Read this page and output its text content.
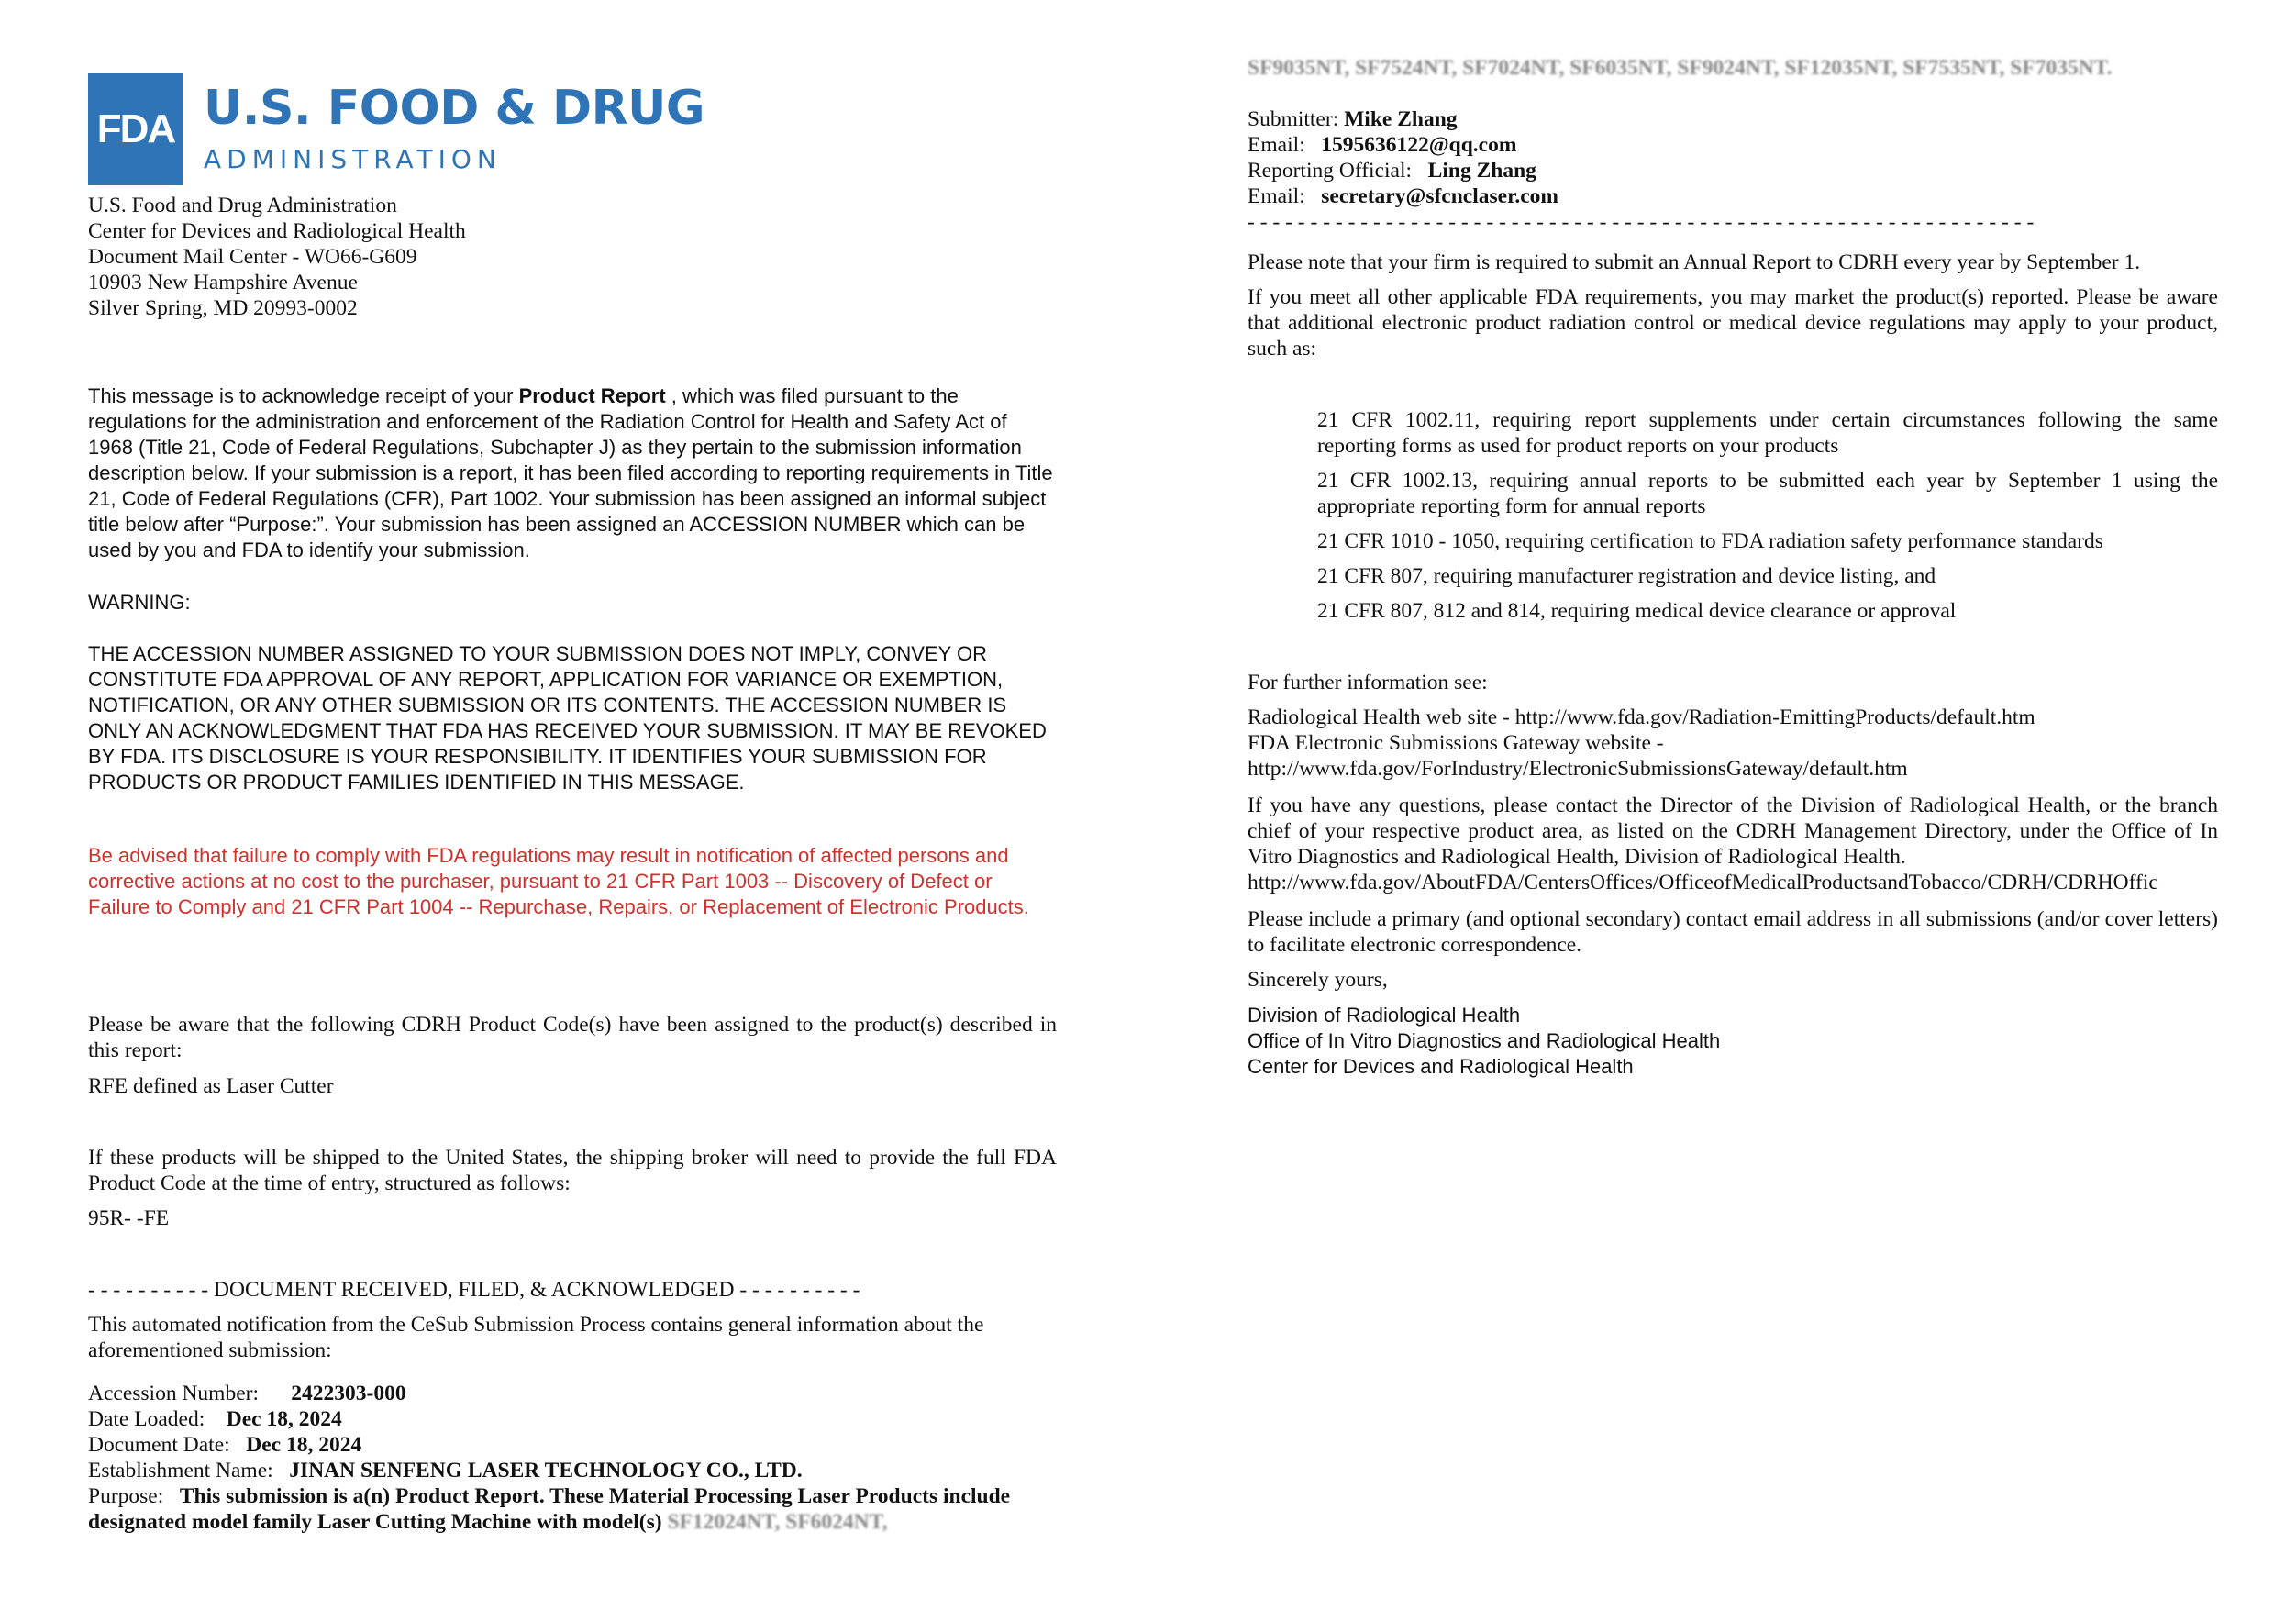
FDA U.S. FOOD & DRUG
ADMINISTRATION

U.S. Food and Drug Administration

Center for Devices and Radiological Health

Document Mail Center - WO66-G609

10903 New Hampshire Avenue

Silver Spring, MD 20993-0002

This message is to acknowledge receipt of your Product Report , which was filed pursuant to the regulations for the administration and enforcement of the Radiation Control for Health and Safety Act of 1968 (Title 21, Code of Federal Regulations, Subchapter J) as they pertain to the submission information description below. If your submission is a report, it has been filed according to reporting requirements in Title 21, Code of Federal Regulations (CFR), Part 1002. Your submission has been assigned an informal subject title below after “Purpose:”. Your submission has been assigned an ACCESSION NUMBER which can be used by you and FDA to identify your submission.

WARNING:

THE ACCESSION NUMBER ASSIGNED TO YOUR SUBMISSION DOES NOT IMPLY, CONVEY OR CONSTITUTE FDA APPROVAL OF ANY REPORT, APPLICATION FOR VARIANCE OR EXEMPTION, NOTIFICATION, OR ANY OTHER SUBMISSION OR ITS CONTENTS. THE ACCESSION NUMBER IS ONLY AN ACKNOWLEDGMENT THAT FDA HAS RECEIVED YOUR SUBMISSION. IT MAY BE REVOKED BY FDA. ITS DISCLOSURE IS YOUR RESPONSIBILITY. IT IDENTIFIES YOUR SUBMISSION FOR PRODUCTS OR PRODUCT FAMILIES IDENTIFIED IN THIS MESSAGE.

Be advised that failure to comply with FDA regulations may result in notification of affected persons and corrective actions at no cost to the purchaser, pursuant to 21 CFR Part 1003 -- Discovery of Defect or Failure to Comply and 21 CFR Part 1004 -- Repurchase, Repairs, or Replacement of Electronic Products.

Please be aware that the following CDRH Product Code(s) have been assigned to the product(s) described in this report:

RFE defined as Laser Cutter

If these products will be shipped to the United States, the shipping broker will need to provide the full FDA Product Code at the time of entry, structured as follows:

95R- -FE

- - - - - - - - - - DOCUMENT RECEIVED, FILED, & ACKNOWLEDGED - - - - - - - - - -

This automated notification from the CeSub Submission Process contains general information about the aforementioned submission:

Accession Number: 2422303-000

Date Loaded: Dec 18, 2024

Document Date: Dec 18, 2024

Establishment Name: JINAN SENFENG LASER TECHNOLOGY CO., LTD.

Purpose: This submission is a(n) Product Report. These Material Processing Laser Products include designated model family Laser Cutting Machine with model(s) SF12024NT, SF6024NT,

SF9035NT, SF7524NT, SF7024NT, SF6035NT, SF9024NT, SF12035NT, SF7535NT, SF7035NT.

Submitter: Mike Zhang

Email: 1595636122@qq.com

Reporting Official: Ling Zhang

Email: secretary@sfcnclaser.com

- - - - - - - - - - - - - - - - - - - - - - - - - - - - - - - - - - - - - - - - - - - - - - - - - - - - - - - - - - - - - - -

Please note that your firm is required to submit an Annual Report to CDRH every year by September 1.

If you meet all other applicable FDA requirements, you may market the product(s) reported. Please be aware that additional electronic product radiation control or medical device regulations may apply to your product, such as:

21 CFR 1002.11, requiring report supplements under certain circumstances following the same reporting forms as used for product reports on your products

21 CFR 1002.13, requiring annual reports to be submitted each year by September 1 using the appropriate reporting form for annual reports

21 CFR 1010 - 1050, requiring certification to FDA radiation safety performance standards

21 CFR 807, requiring manufacturer registration and device listing, and

21 CFR 807, 812 and 814, requiring medical device clearance or approval

For further information see:

Radiological Health web site - http://www.fda.gov/Radiation-EmittingProducts/default.htm

FDA Electronic Submissions Gateway website -

http://www.fda.gov/ForIndustry/ElectronicSubmissionsGateway/default.htm

If you have any questions, please contact the Director of the Division of Radiological Health, or the branch chief of your respective product area, as listed on the CDRH Management Directory, under the Office of In Vitro Diagnostics and Radiological Health, Division of Radiological Health.

http://www.fda.gov/AboutFDA/CentersOffices/OfficeofMedicalProductsandTobacco/CDRH/CDRHOffic

Please include a primary (and optional secondary) contact email address in all submissions (and/or cover letters) to facilitate electronic correspondence.

Sincerely yours,

Division of Radiological Health

Office of In Vitro Diagnostics and Radiological Health

Center for Devices and Radiological Health
